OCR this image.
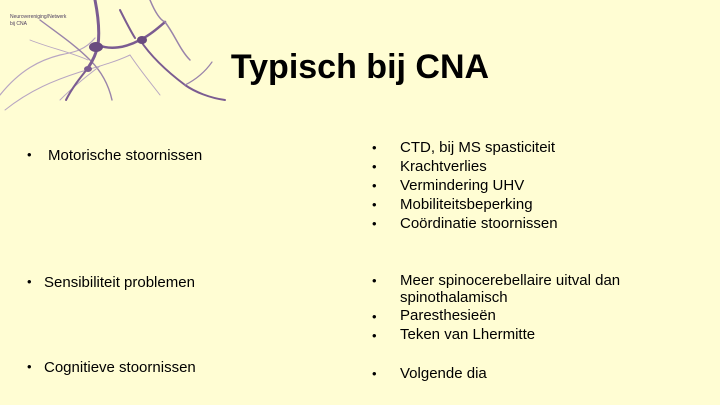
Neurovereniging/Netwerk
bij CNA
Typisch bij CNA
• Motorische stoornissen
• Sensibiliteit problemen
• Cognitieve stoornissen
• CTD, bij MS spasticiteit
• Krachtverlies
• Vermindering UHV
• Mobiliteitsbeperking
• Coördinatie stoornissen
• Meer spinocerebellaire uitval dan
spinothalamisch
• Paresthesieën
• Teken van Lhermitte
• Volgende dia
